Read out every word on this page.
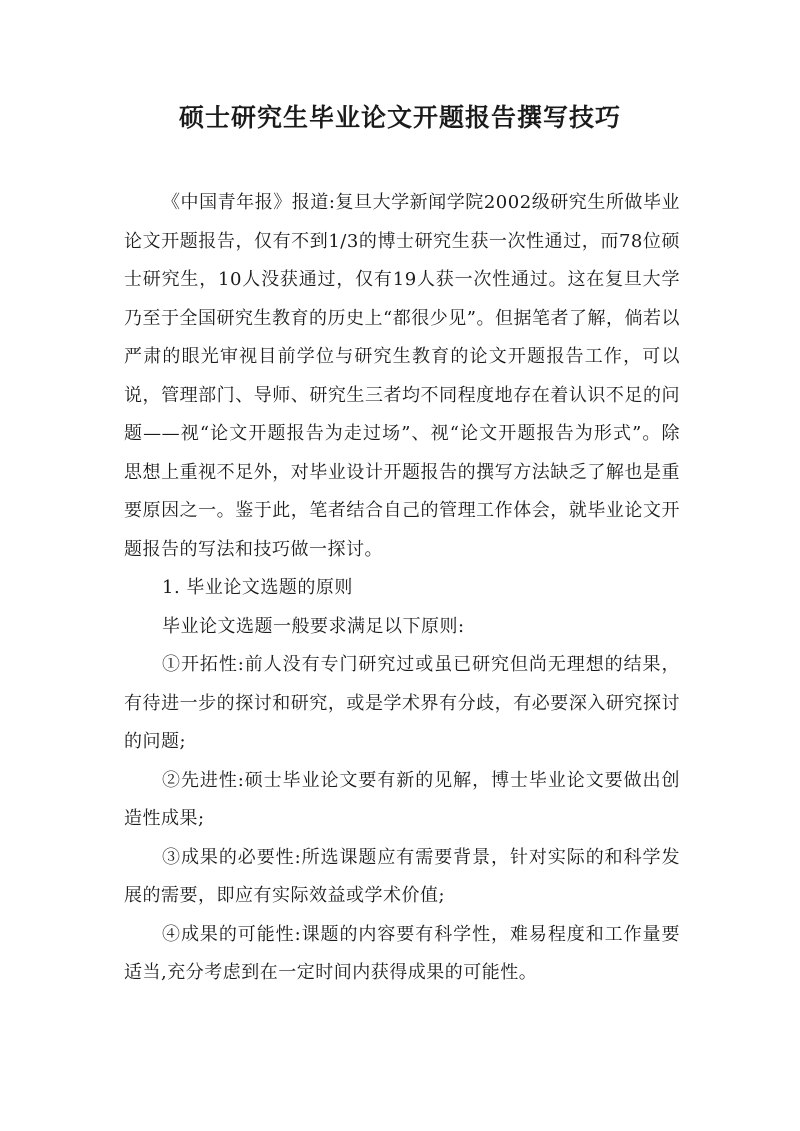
硕士研究生毕业论文开题报告撰写技巧

《中国青年报》报道:复旦大学新闻学院2002级研究生所做毕业论文开题报告，仅有不到1/3的博士研究生获一次性通过，而78位硕士研究生，10人没获通过，仅有19人获一次性通过。这在复旦大学乃至于全国研究生教育的历史上“都很少见”。但据笔者了解，倘若以严肃的眼光审视目前学位与研究生教育的论文开题报告工作，可以说，管理部门、导师、研究生三者均不同程度地存在着认识不足的问题——视“论文开题报告为走过场”、视“论文开题报告为形式”。除思想上重视不足外，对毕业设计开题报告的撰写方法缺乏了解也是重要原因之一。鉴于此，笔者结合自己的管理工作体会，就毕业论文开题报告的写法和技巧做一探讨。

1. 毕业论文选题的原则

毕业论文选题一般要求满足以下原则:

①开拓性:前人没有专门研究过或虽已研究但尚无理想的结果，有待进一步的探讨和研究，或是学术界有分歧，有必要深入研究探讨的问题;

②先进性:硕士毕业论文要有新的见解，博士毕业论文要做出创造性成果;

③成果的必要性:所选课题应有需要背景，针对实际的和科学发展的需要，即应有实际效益或学术价值;

④成果的可能性:课题的内容要有科学性，难易程度和工作量要适当,充分考虑到在一定时间内获得成果的可能性。
